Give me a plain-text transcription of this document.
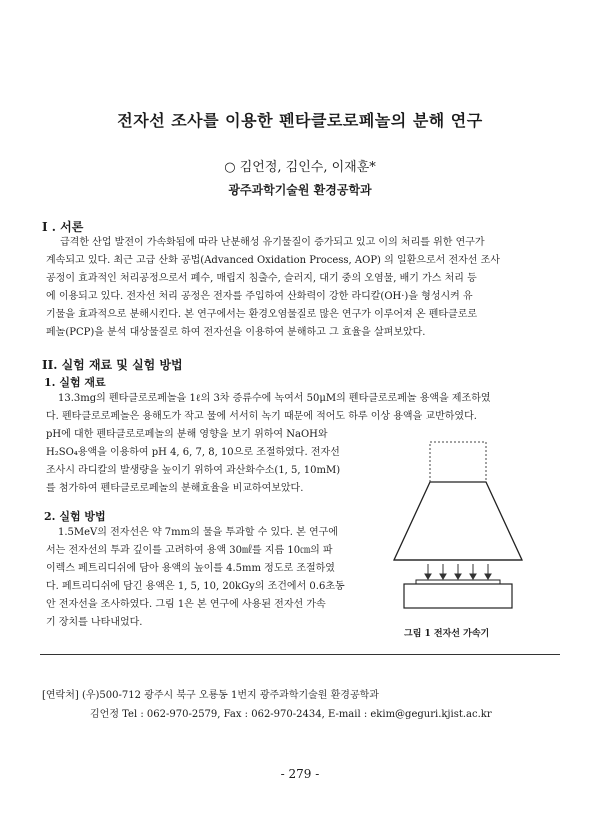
전자선 조사를 이용한 펜타클로로페놀의 분해 연구
○ 김언정, 김인수, 이재훈*
광주과학기술원 환경공학과
I . 서론
급격한 산업 발전이 가속화됨에 따라 난분해성 유기물질이 증가되고 있고 이의 처리를 위한 연구가
계속되고 있다. 최근 고급 산화 공법(Advanced Oxidation Process, AOP) 의 일환으로서 전자선 조사
공정이 효과적인 처리공정으로서 폐수, 매립지 침출수, 슬러지, 대기 중의 오염물, 배기 가스 처리 등
에 이용되고 있다. 전자선 처리 공정은 전자를 주입하여 산화력이 강한 라디칼(OH·)을 형성시켜 유
기물을 효과적으로 분해시킨다. 본 연구에서는 환경오염물질로 많은 연구가 이루어져 온 펜타클로로
페놀(PCP)을 분석 대상물질로 하여 전자선을 이용하여 분해하고 그 효율을 살펴보았다.
II. 실험 재료 및 실험 방법
1. 실험 재료
13.3mg의 펜타클로로페놀을 1ℓ의 3차 증류수에 녹여서 50μM의 펜타클로로페놀 용액을 제조하였
다. 펜타클로로페놀은 용해도가 작고 물에 서서히 녹기 때문에 적어도 하루 이상 용액을 교반하였다.
pH에 대한 펜타클로로페놀의 분해 영향을 보기 위하여 NaOH와
H₂SO₄용액을 이용하여 pH 4, 6, 7, 8, 10으로 조절하였다. 전자선
조사시 라디칼의 발생량을 높이기 위하여 과산화수소(1, 5, 10mM)
를 첨가하여 펜타클로로페놀의 분해효율을 비교하여보았다.
2. 실험 방법
1.5MeV의 전자선은 약 7mm의 물을 투과할 수 있다. 본 연구에
서는 전자선의 투과 깊이를 고려하여 용액 30㎖를 지름 10㎝의 파
이렉스 페트리디쉬에 담아 용액의 높이를 4.5mm 정도로 조절하였
다. 페트리디쉬에 담긴 용액은 1, 5, 10, 20kGy의 조건에서 0.6초동
안 전자선을 조사하였다. 그림 1은 본 연구에 사용된 전자선 가속
기 장치를 나타내었다.
그림 1 전자선 가속기
[연락처] (우)500-712 광주시 북구 오룡동 1번지 광주과학기술원 환경공학과
김언정 Tel : 062-970-2579, Fax : 062-970-2434, E-mail : ekim@geguri.kjist.ac.kr
- 279 -
